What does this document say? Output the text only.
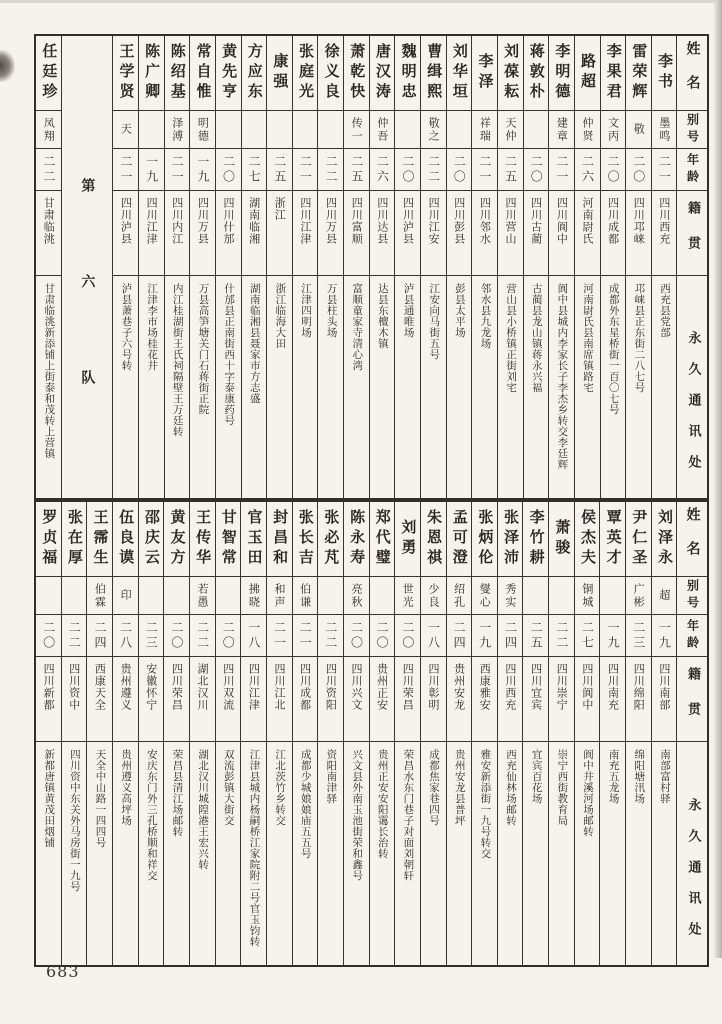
姓名
别号
年龄
籍贯
永久通讯处
李书
墨鸣
二一
四川西充
西充县党部
雷荣辉
敬
二〇
四川邛崃
邛崃县正东街二八七号
李果君
文丙
二〇
四川成都
成都外东星桥街一百〇七号
路超
仲贤
二六
河南尉氏
河南尉氏县南席镇路宅
李明德
建章
二一
四川阆中
阆中县城内李家长子李杰乡转交李廷辉
蒋敦朴
二〇
四川古蔺
古蔺县龙山镇蒋永兴福
刘葆耘
天仲
二五
四川营山
营山县小桥镇正街刘宅
李泽
祥瑞
二一
四川邻水
邻水县九龙场
刘华垣
二〇
四川彭县
彭县太平场
曹缉熙
敬之
二二
四川江安
江安向马街五号
魏明忠
二〇
四川泸县
泸县通唯场
唐汉涛
仲吾
二六
四川达县
达县东檀木镇
萧乾快
传一
二五
四川富顺
富顺童家寺清心湾
徐义良
二二
四川万县
万县柱头场
张庭光
二一
四川江津
江津四明场
康强
二五
浙江
浙江临海大田
方应东
二七
湖南临湘
湖南临湘县聂家市方志盛
黄先亨
二〇
四川什邡
什邡县正南街西十字泰康药号
常自惟
明德
一九
四川万县
万县高笋塘关门石蒋街正院
陈绍基
泽溥
二一
四川内江
内江桂湖街王氏祠隔壁王万廷转
陈广卿
一九
四川江津
江津李市场桂花井
王学贤
天
二一
四川泸县
泸县萧巷子六号转
第六队
任廷珍
凤翔
二二
甘肃临洮
甘肃临洮新添铺上街泰和茂转上营镇
姓名
别号
年龄
籍贯
永久通讯处
刘泽永
超
一九
四川南部
南部富村驿
尹仁圣
广彬
二三
四川绵阳
绵阳塘汛场
覃英才
一九
四川南充
南充五龙场
侯杰夫
铜城
二七
四川阆中
阆中井溪河场邮转
萧骏
二二
四川崇宁
崇宁西街教育局
李竹耕
二五
四川宜宾
宜宾百花场
张泽沛
秀实
二四
四川西充
西充仙林场邮转
张炳伦
燮心
一九
西康雅安
雅安新添街一九号转交
孟可澄
绍孔
二四
贵州安龙
贵州安龙县普坪
朱恩祺
少良
一八
四川彰明
成都焦家巷四号
刘勇
世光
二〇
四川荣昌
荣昌水东门巷子对面刘朝轩
郑代璧
二〇
贵州正安
贵州正安安阳霭长治转
陈永寿
亮秋
二〇
四川兴文
兴文县外南玉池街荣和鑫号
张必芃
二二
四川资阳
资阳南津驿
张长吉
伯谦
二一
四川成都
成都少城娘娘庙五五号
封昌和
和声
二一
四川江北
江北茨竹乡转交
官玉田
拂晓
一八
四川江津
江津县城内杨嗣桥江家院附二号官玉钧转
甘智常
二〇
四川双流
双流彭镇大街交
王传华
若愚
二二
湖北汉川
湖北汉川城隍港王宏兴转
黄友方
二〇
四川荣昌
荣昌县清江场邮转
邵庆云
二三
安徽怀宁
安庆东门外三孔桥顺和祥交
伍良谟
印
二八
贵州遵义
贵州遵义高坪场
王霈生
伯霖
二四
西康天全
天全中山路一四四号
张在厚
二二
四川资中
四川资中东关外马房街一九号
罗贞福
二〇
四川新都
新都唐镇黄茂田烟铺
683
